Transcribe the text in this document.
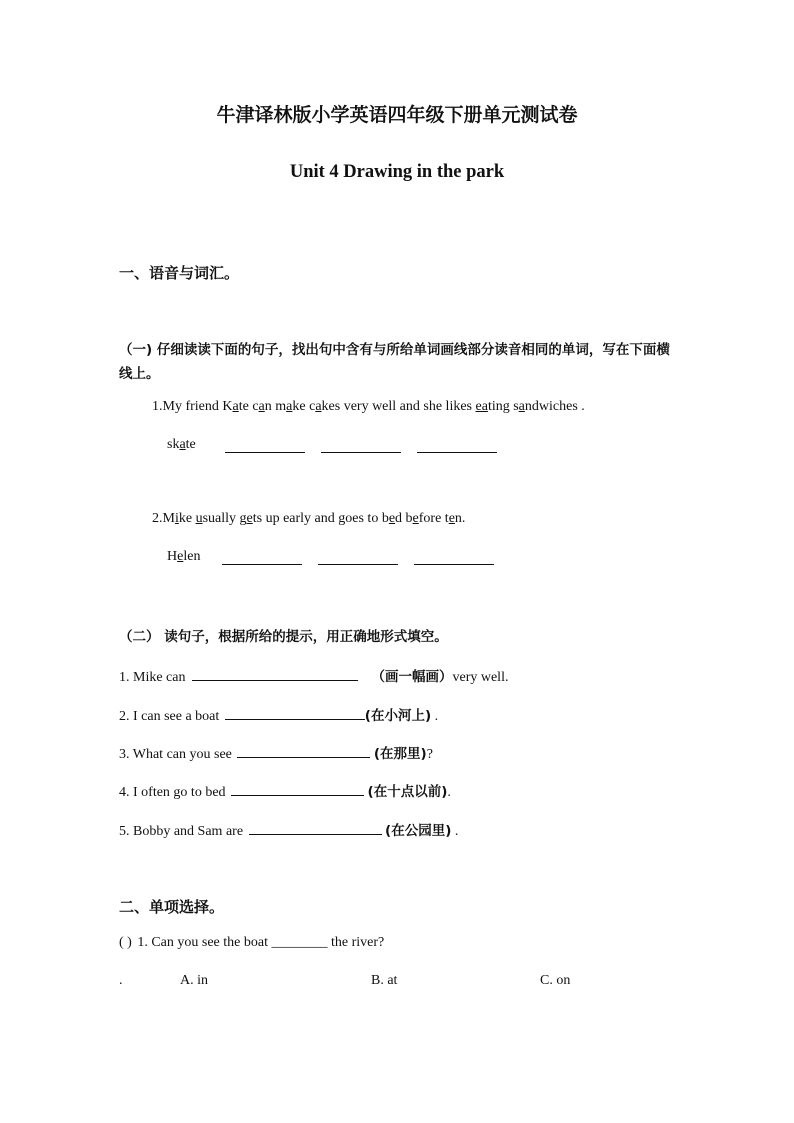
牛津译林版小学英语四年级下册单元测试卷
Unit 4 Drawing in the park
一、语音与词汇。
（一) 仔细读读下面的句子，找出句中含有与所给单词画线部分读音相同的单词，写在下面横
线上。
1.My friend Kate can make cakes very well and she likes eating sandwiches .
skate
2.Mike usually gets up early and goes to bed before ten.
Helen
（二） 读句子，根据所给的提示，用正确地形式填空。
1. Mike can	（画一幅画）very well.
2. I can see a boat	(在小河上) .
3. What can you see	(在那里)?
4. I often go to bed	(在十点以前).
5. Bobby and Sam are	(在公园里) .
二、单项选择。
( ) 1. Can you see the boat ________ the river?
.	A. in	B. at	C. on
